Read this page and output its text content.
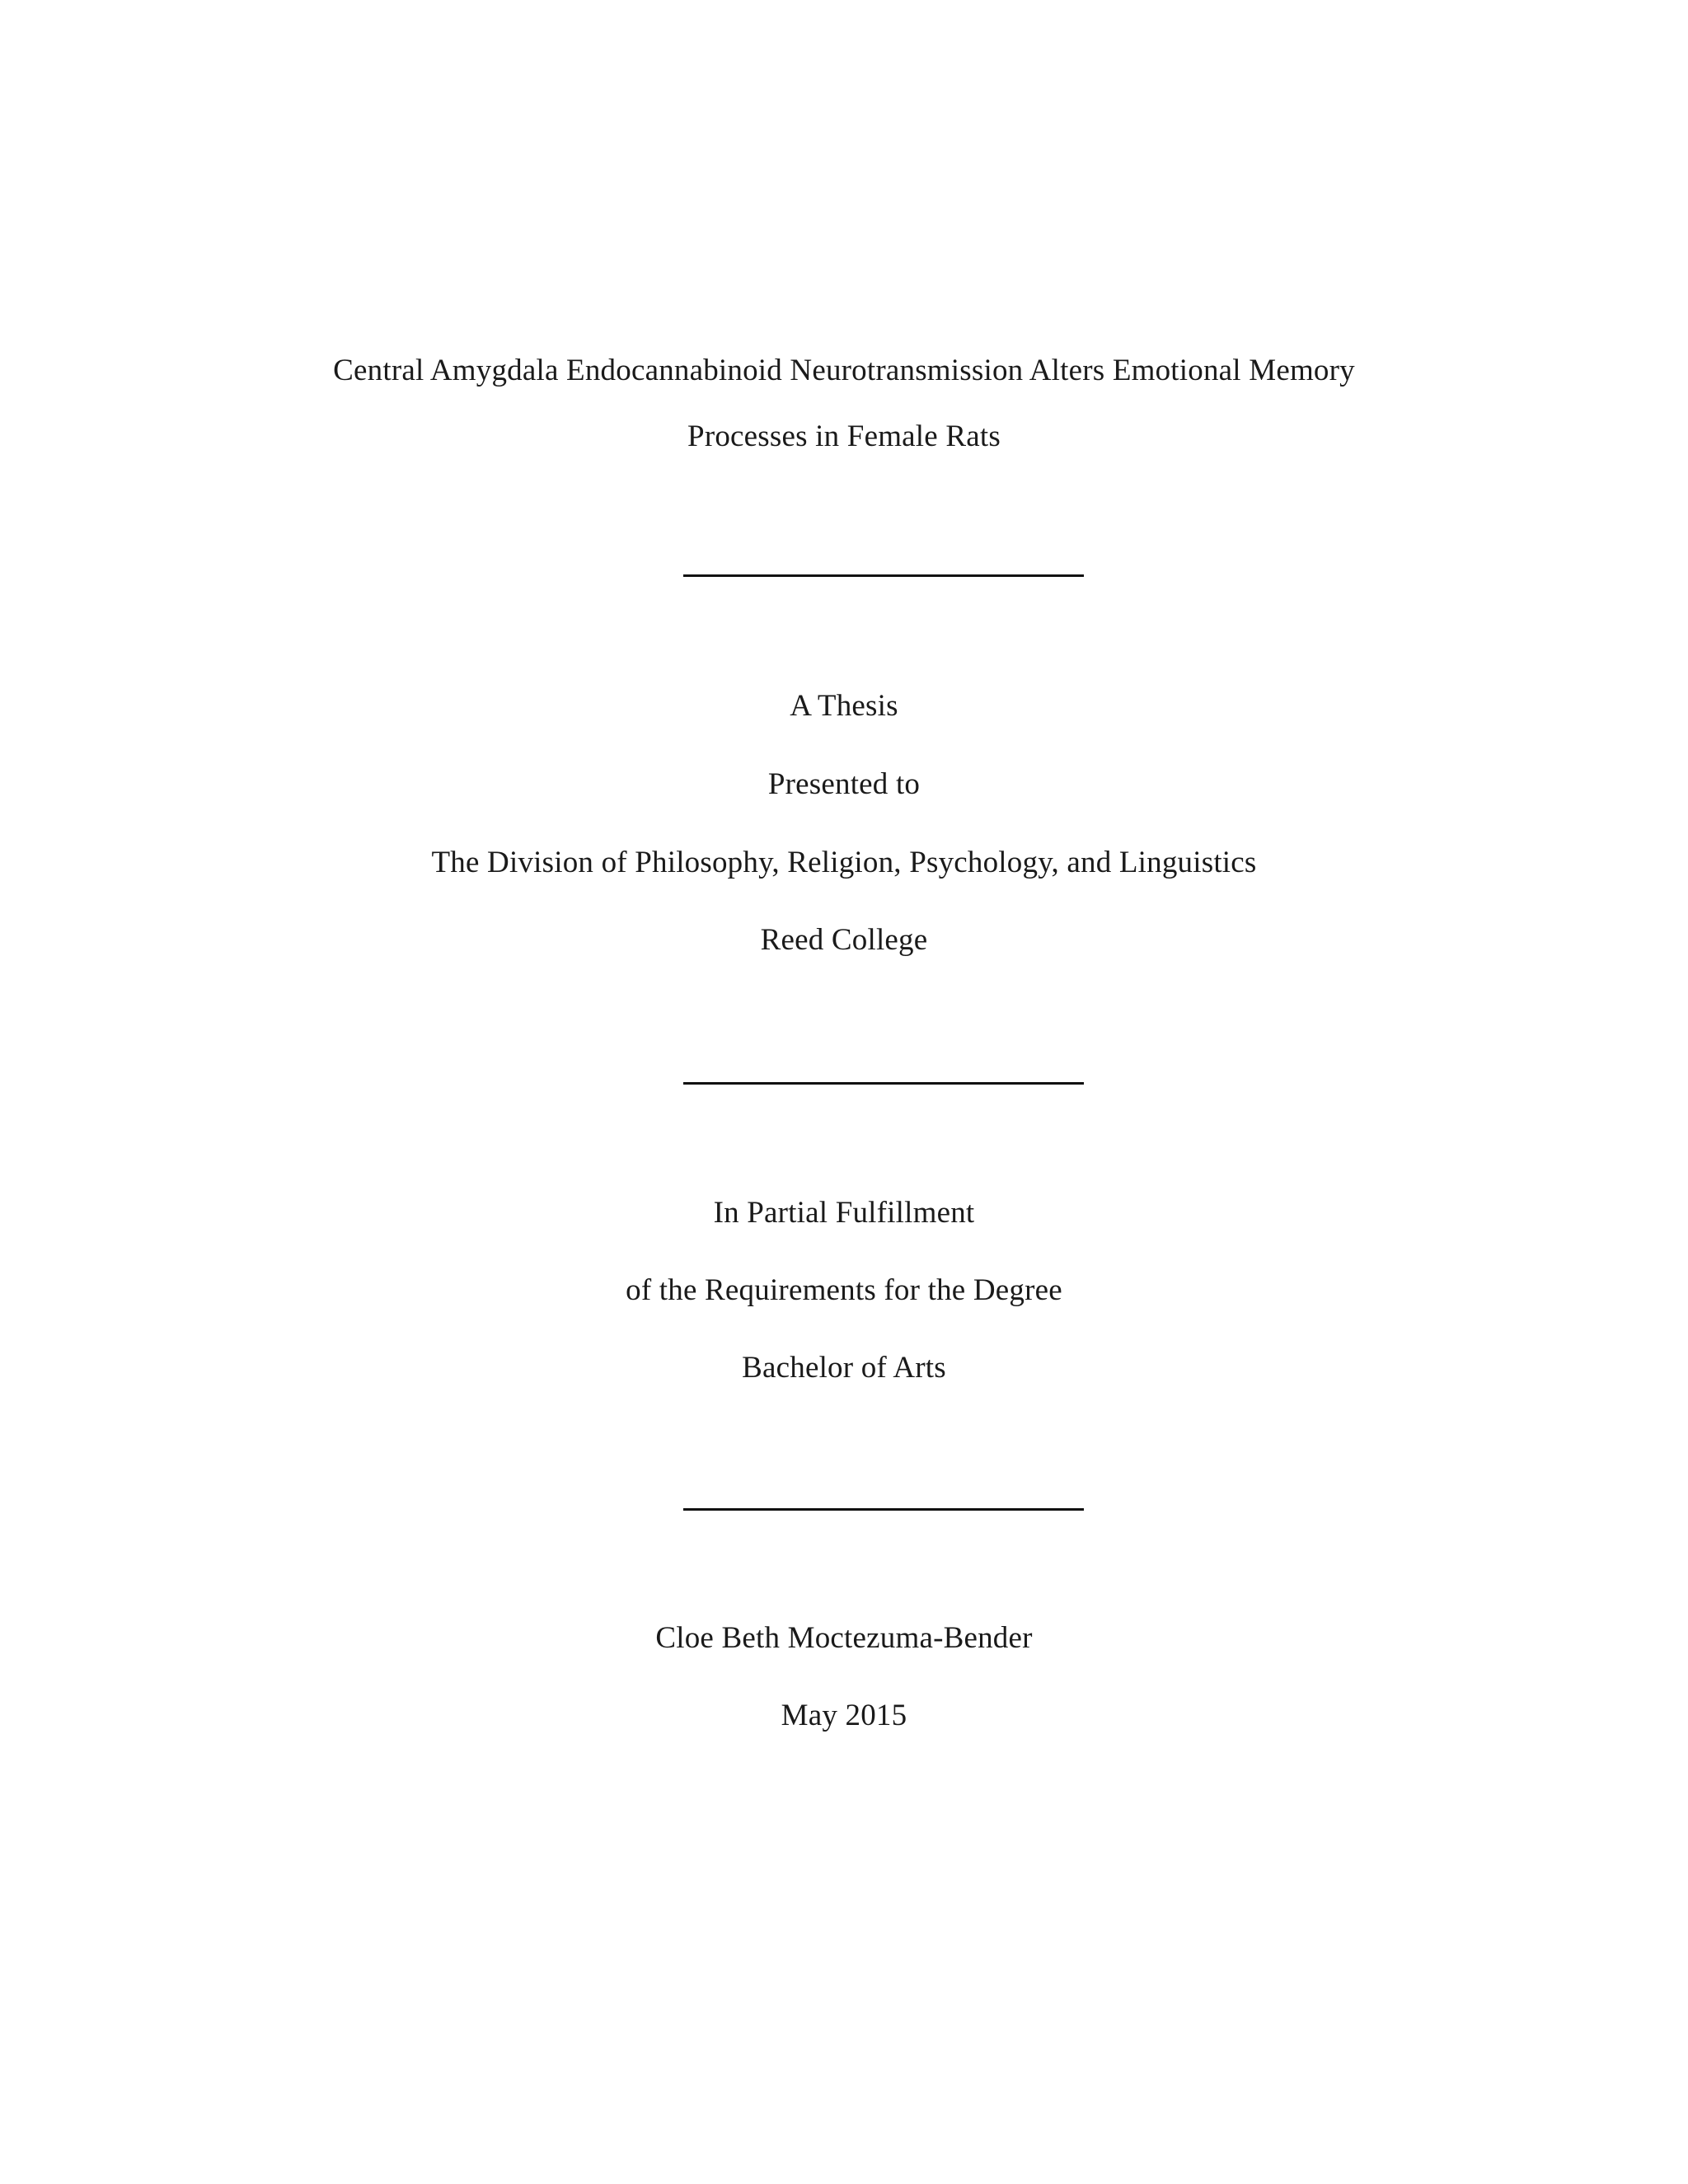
Central Amygdala Endocannabinoid Neurotransmission Alters Emotional Memory
Processes in Female Rats
A Thesis
Presented to
The Division of Philosophy, Religion, Psychology, and Linguistics
Reed College
In Partial Fulfillment
of the Requirements for the Degree
Bachelor of Arts
Cloe Beth Moctezuma-Bender
May 2015
